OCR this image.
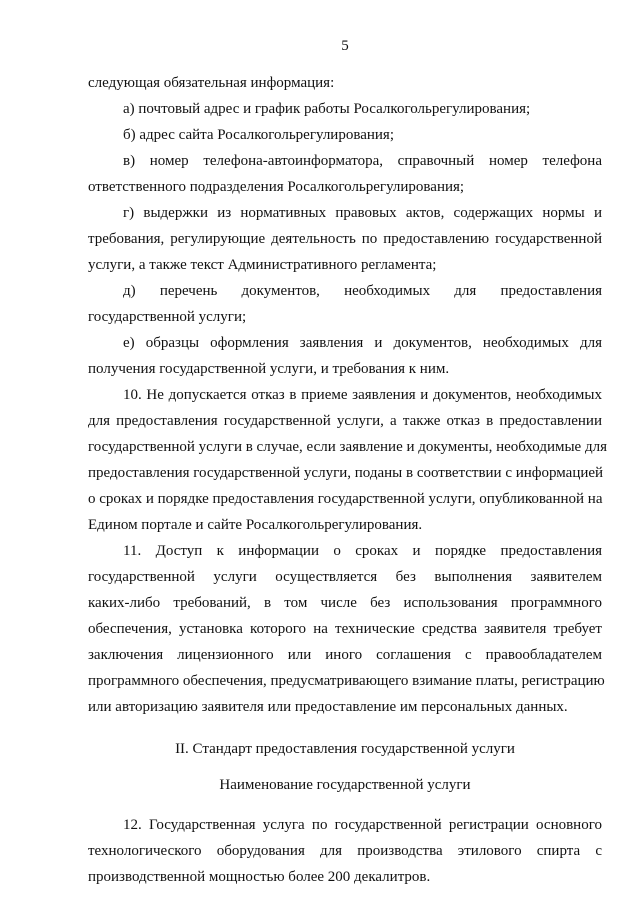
5
следующая обязательная информация:
а) почтовый адрес и график работы Росалкогольрегулирования;
б) адрес сайта Росалкогольрегулирования;
в) номер телефона-автоинформатора, справочный номер телефона
ответственного подразделения Росалкогольрегулирования;
г) выдержки из нормативных правовых актов, содержащих нормы и
требования, регулирующие деятельность по предоставлению государственной
услуги, а также текст Административного регламента;
д) перечень документов, необходимых для предоставления
государственной услуги;
е) образцы оформления заявления и документов, необходимых для
получения государственной услуги, и требования к ним.
10. Не допускается отказ в приеме заявления и документов, необходимых
для предоставления государственной услуги, а также отказ в предоставлении
государственной услуги в случае, если заявление и документы, необходимые для
предоставления государственной услуги, поданы в соответствии с информацией
о сроках и порядке предоставления государственной услуги, опубликованной на
Едином портале и сайте Росалкогольрегулирования.
11. Доступ к информации о сроках и порядке предоставления
государственной услуги осуществляется без выполнения заявителем
каких-либо требований, в том числе без использования программного
обеспечения, установка которого на технические средства заявителя требует
заключения лицензионного или иного соглашения с правообладателем
программного обеспечения, предусматривающего взимание платы, регистрацию
или авторизацию заявителя или предоставление им персональных данных.
II. Стандарт предоставления государственной услуги
Наименование государственной услуги
12. Государственная услуга по государственной регистрации основного
технологического оборудования для производства этилового спирта с
производственной мощностью более 200 декалитров.
